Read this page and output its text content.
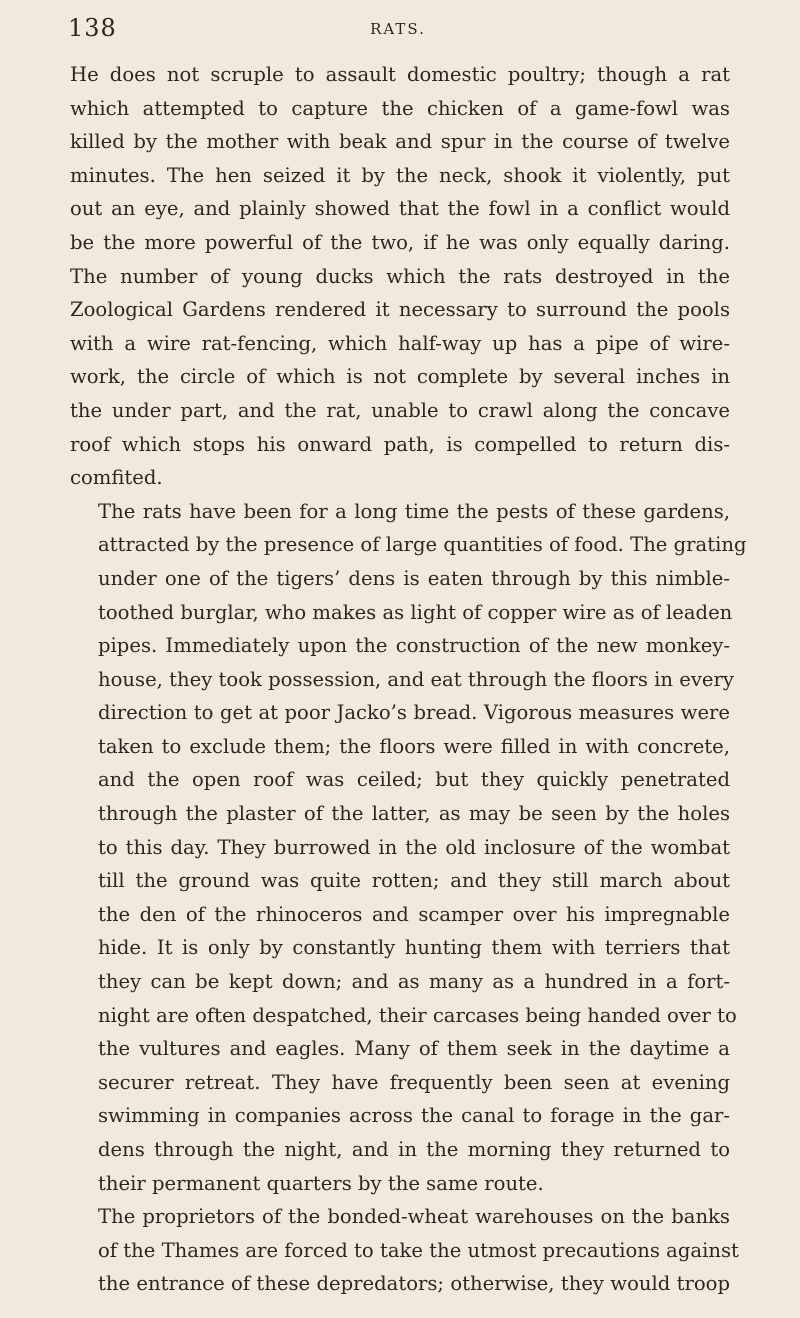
138	RATS.

He does not scruple to assault domestic poultry; though a rat
which attempted to capture the chicken of a game-fowl was
killed by the mother with beak and spur in the course of twelve
minutes. The hen seized it by the neck, shook it violently, put
out an eye, and plainly showed that the fowl in a conflict would
be the more powerful of the two, if he was only equally daring.
The number of young ducks which the rats destroyed in the
Zoological Gardens rendered it necessary to surround the pools
with a wire rat-fencing, which half-way up has a pipe of wire-
work, the circle of which is not complete by several inches in
the under part, and the rat, unable to crawl along the concave
roof which stops his onward path, is compelled to return dis-
comfited.

The rats have been for a long time the pests of these gardens,
attracted by the presence of large quantities of food. The grating
under one of the tigers’ dens is eaten through by this nimble-
toothed burglar, who makes as light of copper wire as of leaden
pipes. Immediately upon the construction of the new monkey-
house, they took possession, and eat through the floors in every
direction to get at poor Jacko’s bread. Vigorous measures were
taken to exclude them; the floors were filled in with concrete,
and the open roof was ceiled; but they quickly penetrated
through the plaster of the latter, as may be seen by the holes
to this day. They burrowed in the old inclosure of the wombat
till the ground was quite rotten; and they still march about
the den of the rhinoceros and scamper over his impregnable
hide. It is only by constantly hunting them with terriers that
they can be kept down; and as many as a hundred in a fort-
night are often despatched, their carcases being handed over to
the vultures and eagles. Many of them seek in the daytime a
securer retreat. They have frequently been seen at evening
swimming in companies across the canal to forage in the gar-
dens through the night, and in the morning they returned to
their permanent quarters by the same route.

The proprietors of the bonded-wheat warehouses on the banks
of the Thames are forced to take the utmost precautions against
the entrance of these depredators; otherwise, they would troop
